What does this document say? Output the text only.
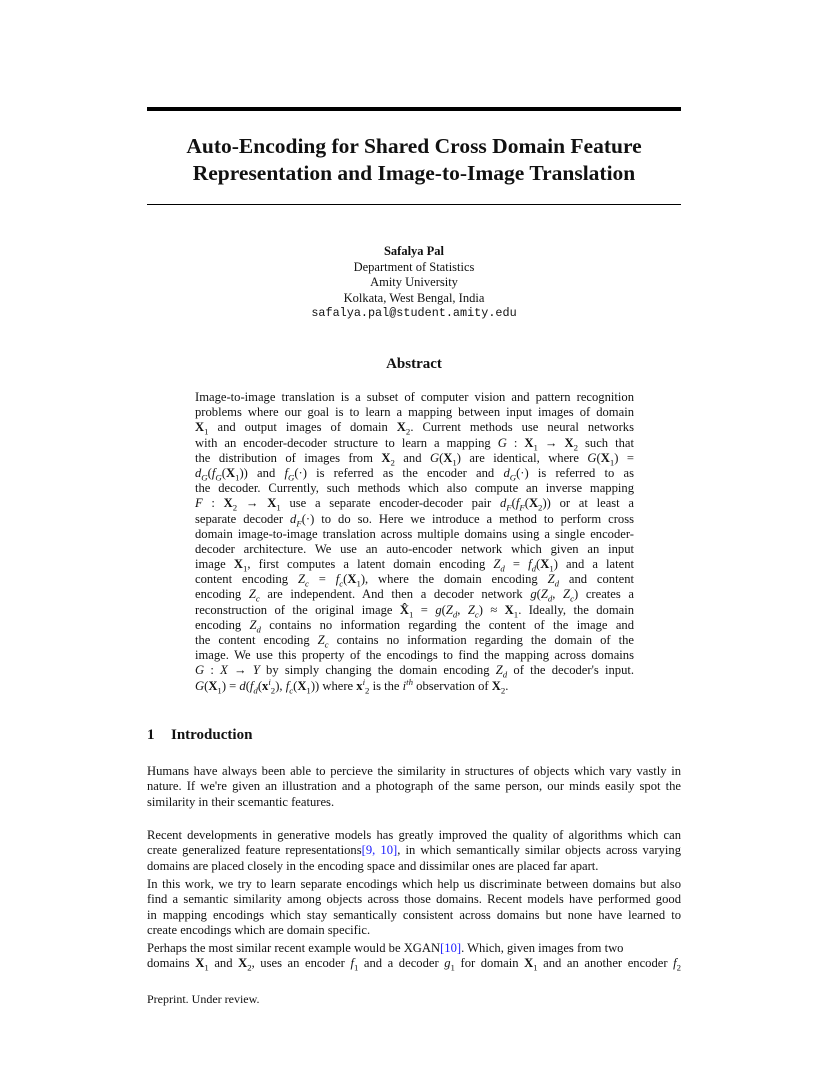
Auto-Encoding for Shared Cross Domain Feature
Representation and Image-to-Image Translation
Safalya Pal
Department of Statistics
Amity University
Kolkata, West Bengal, India
safalya.pal@student.amity.edu
Abstract
Image-to-image translation is a subset of computer vision and pattern recognition
problems where our goal is to learn a mapping between input images of domain
$X_1$ and output images of domain $X_2$. Current methods use neural networks
with an encoder-decoder structure to learn a mapping G : $X_1 \to X_2$ such that
the distribution of images from $X_2$ and $G(X_1)$ are identical, where $G(X_1)$ =
$d_G(f_G(X_1))$ and $f_G(\cdot)$ is referred as the encoder and $d_G(\cdot)$ is referred to as
the decoder. Currently, such methods which also compute an inverse mapping
F : $X_2 \to X_1$ use a separate encoder-decoder pair $d_F(f_F(X_2))$ or at least a
separate decoder $d_F(\cdot)$ to do so. Here we introduce a method to perform cross
domain image-to-image translation across multiple domains using a single encoder-
decoder architecture. We use an auto-encoder network which given an input
image $X_1$, first computes a latent domain encoding $Z_d = f_d(X_1)$ and a latent
content encoding $Z_c = f_c(X_1)$, where the domain encoding $Z_d$ and content
encoding $Z_c$ are independent. And then a decoder network $g(Z_d$, $Z_c$) creates a
reconstruction of the original image $X̂_1 = g(Z_d$, $Z_c) \approx X_1$. Ideally, the domain
encoding $Z_d$ contains no information regarding the content of the image and
the content encoding $Z_c$ contains no information regarding the domain of the
image. We use this property of the encodings to find the mapping across domains
G : X → Y by simply changing the domain encoding $Z_d$ of the decoder's input.
$G(X_1) = d(f_d(x^i_2)$, $f_c(X_1)$) where $x^i_2$ is the $i^{th}$ observation of $X_2$.
1 Introduction
Humans have always been able to percieve the similarity in structures of objects which vary vastly in
nature. If we're given an illustration and a photograph of the same person, our minds easily spot the
similarity in their scemantic features.
Recent developments in generative models has greatly improved the quality of algorithms which can
create generalized feature representations[9, 10], in which semantically similar objects across varying
domains are placed closely in the encoding space and dissimilar ones are placed far apart.
In this work, we try to learn separate encodings which help us discriminate between domains but also
find a semantic similarity among objects across those domains. Recent models have performed good
in mapping encodings which stay semantically consistent across domains but none have learned to
create encodings which are domain specific.
Perhaps the most similar recent example would be XGAN[10]. Which, given images from two
domains $X_1$ and $X_2$, uses an encoder $f_1$ and a decoder $g_1$ for domain $X_1$ and an another encoder $f_2$
Preprint. Under review.
